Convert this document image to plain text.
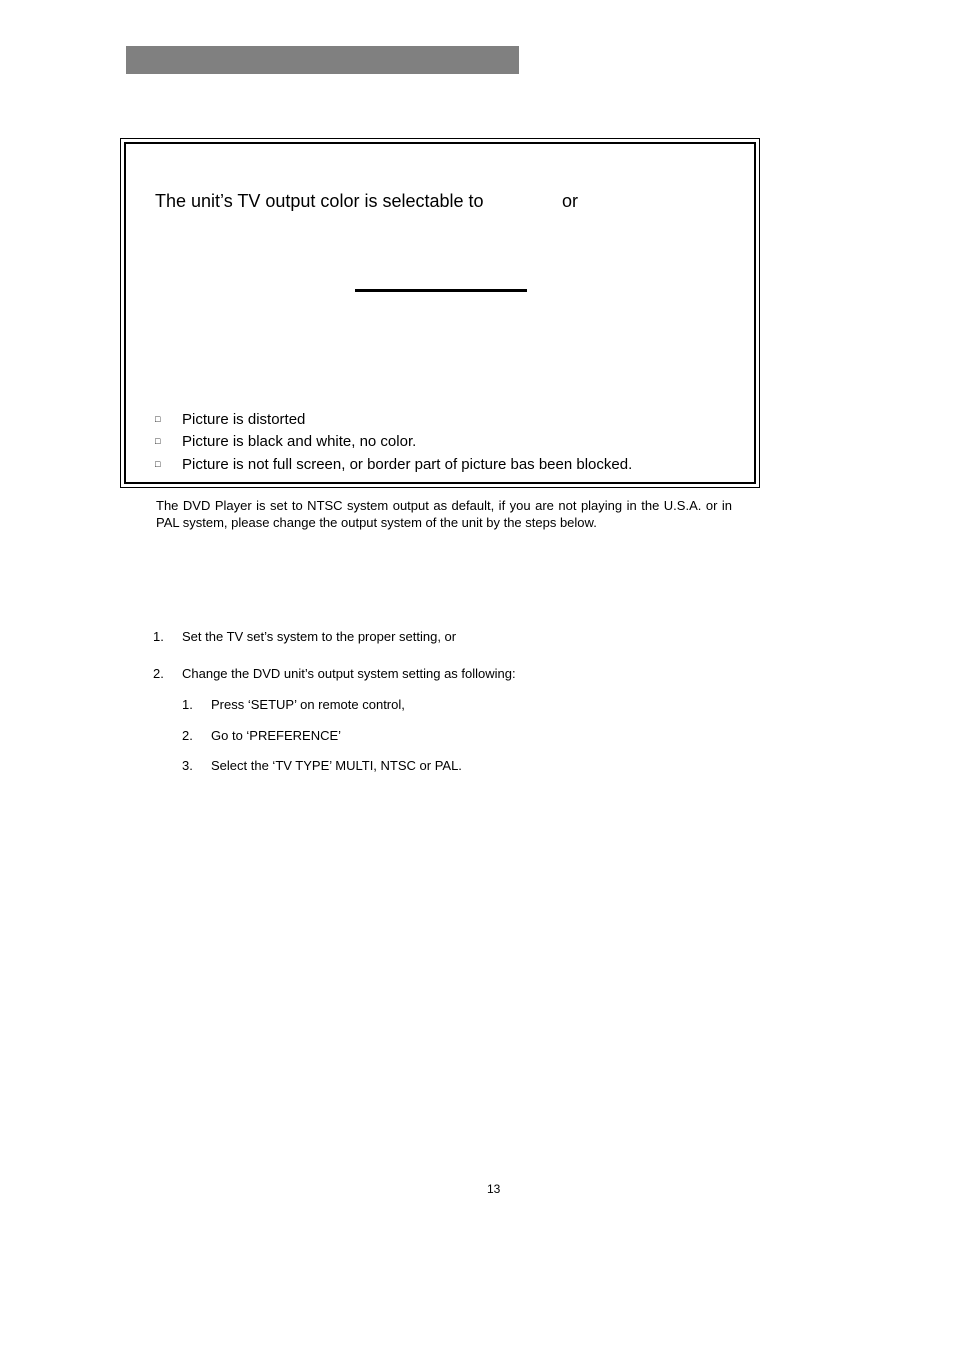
The unit’s TV output color is selectable to	or
□ Picture is distorted
□ Picture is black and white, no color.
□ Picture is not full screen, or border part of picture bas been blocked.
The DVD Player is set to NTSC system output as default, if you are not playing in the U.S.A. or in PAL system, please change the output system of the unit by the steps below.
1. Set the TV set’s system to the proper setting, or
2. Change the DVD unit’s output system setting as following:
1. Press ‘SETUP’ on remote control,
2. Go to ‘PREFERENCE’
3. Select the ‘TV TYPE’ MULTI, NTSC or PAL.
13
